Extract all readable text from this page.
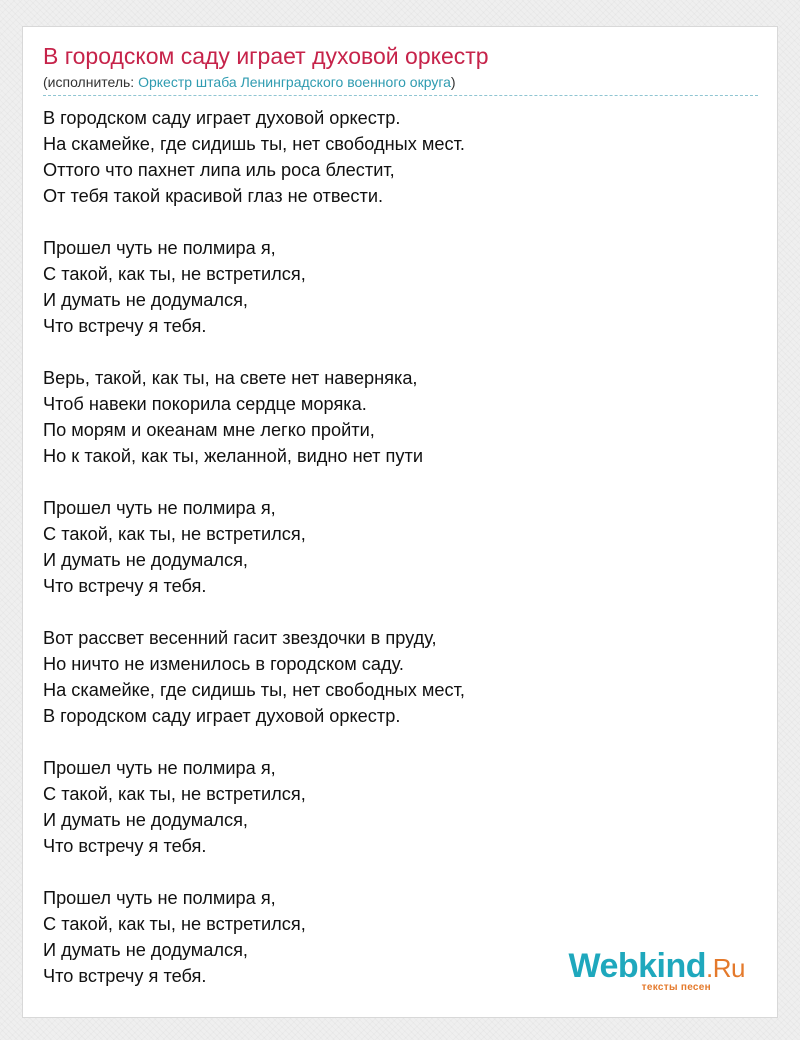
В городском саду играет духовой оркестр
(исполнитель: Оркестр штаба Ленинградского военного округа)
В городском саду играет духовой оркестр.
На скамейке, где сидишь ты, нет свободных мест.
Оттого что пахнет липа иль роса блестит,
От тебя такой красивой глаз не отвести.
Прошел чуть не полмира я,
С такой, как ты, не встретился,
И думать не додумался,
Что встречу я тебя.
Верь, такой, как ты, на свете нет наверняка,
Чтоб навеки покорила сердце моряка.
По морям и океанам мне легко пройти,
Но к такой, как ты, желанной, видно нет пути
Прошел чуть не полмира я,
С такой, как ты, не встретился,
И думать не додумался,
Что встречу я тебя.
Вот рассвет весенний гасит звездочки в пруду,
Но ничто не изменилось в городском саду.
На скамейке, где сидишь ты, нет свободных мест,
В городском саду играет духовой оркестр.
Прошел чуть не полмира я,
С такой, как ты, не встретился,
И думать не додумался,
Что встречу я тебя.
Прошел чуть не полмира я,
С такой, как ты, не встретился,
И думать не додумался,
Что встречу я тебя.	Webkind.Ru
тексты песен
